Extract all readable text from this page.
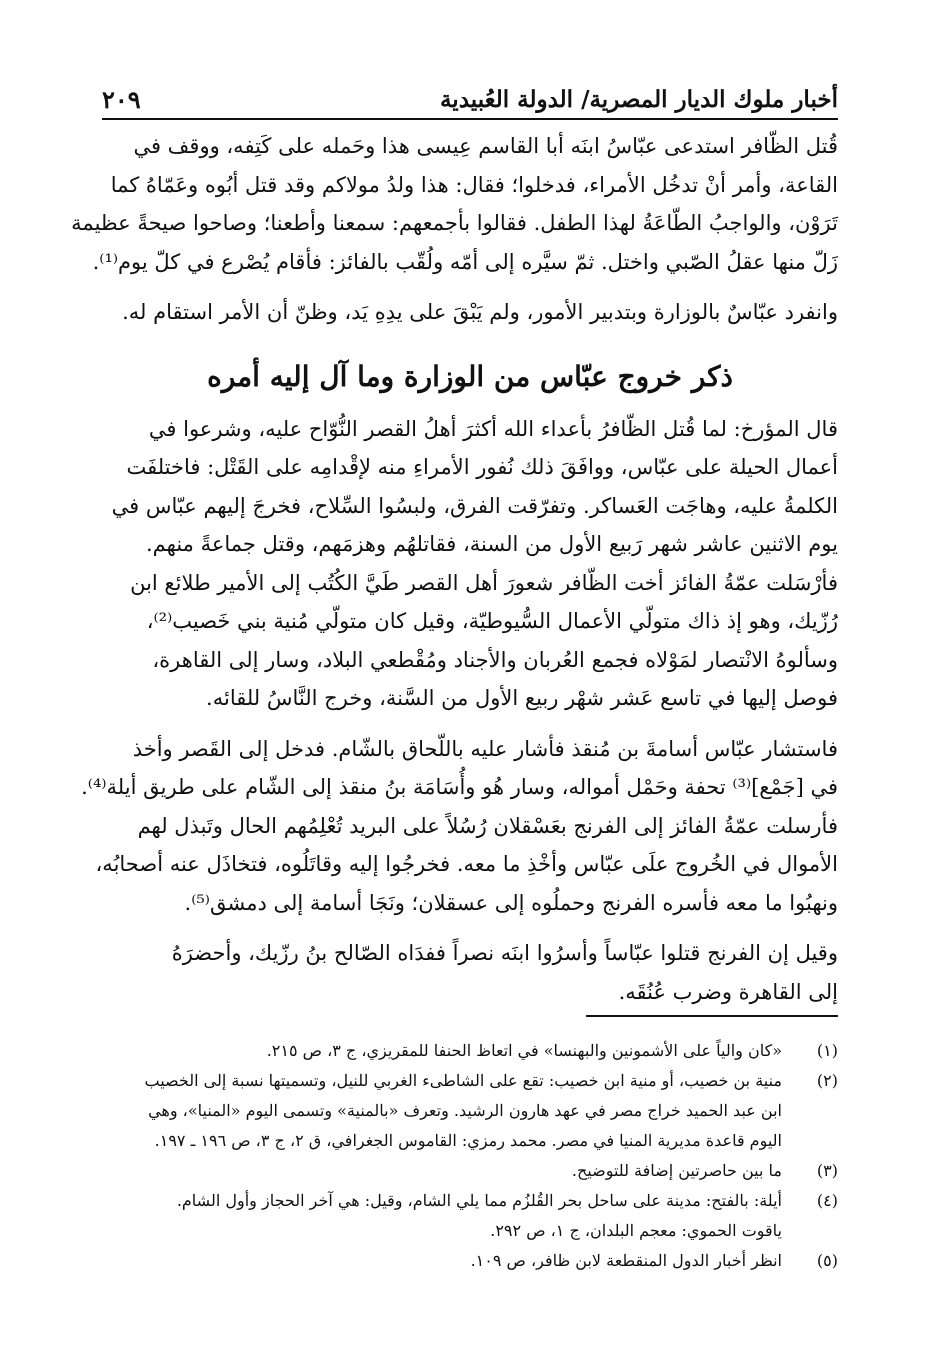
أخبار ملوك الديار المصرية/ الدولة العُبيدية
٢٠٩
قُتل الظّافر استدعى عبّاسُ ابنَه أبا القاسم عِيسى هذا وحَمله على كَتِفه، ووقف في
القاعة، وأمر أنْ تدخُل الأمراء، فدخلوا؛ فقال: هذا ولدُ مولاكم وقد قتل أبُوه وعَمّاهُ كما
تَرَوْن، والواجبُ الطّاعَةُ لهذا الطفل. فقالوا بأجمعهم: سمعنا وأطعنا؛ وصاحوا صيحةً عظيمة
زَلّ منها عقلُ الصّبي واختل. ثمّ سيَّره إلى أمّه ولُقّب بالفائز: فأقام يُصْرع في كلّ يوم⁽¹⁾.
وانفرد عبّاسٌ بالوزارة وبتدبير الأمور، ولم يَبْقَ على يدِهِ يَد، وظنّ أن الأمر استقام له.
ذكر خروج عبّاس من الوزارة وما آل إليه أمره
قال المؤرخ: لما قُتل الظّافرُ بأعداء الله أكثرَ أهلُ القصر النُّوّاح عليه، وشرعوا في
أعمال الحيلة على عبّاس، ووافَقَ ذلك نُفور الأمراءِ منه لإقْدامِه على القَتْل: فاختلفَت
الكلمةُ عليه، وهاجَت العَساكر. وتفرّقت الفرق، ولبسُوا السِّلاح، فخرجَ إليهم عبّاس في
يوم الاثنين عاشر شهر رَبيع الأول من السنة، فقاتلهُم وهزمَهم، وقتل جماعةً منهم.
فأرْسَلت عمّةُ الفائز أخت الظّافر شعورَ أهل القصر طَيَّ الكُتُب إلى الأمير طلائع ابن
رُزّيك، وهو إذ ذاك متولّي الأعمال السُّيوطيّة، وقيل كان متولّي مُنية بني خَصيب⁽²⁾،
وسألوهُ الانْتصار لمَوْلاه فجمع العُربان والأجناد ومُقْطعي البلاد، وسار إلى القاهرة،
فوصل إليها في تاسع عَشر شهْر ربيع الأول من السَّنة، وخرج النَّاسُ للقائه.
فاستشار عبّاس أسامةَ بن مُنقذ فأشار عليه باللّحاق بالشّام. فدخل إلى القَصر وأخذ
في [جَمْع]⁽³⁾ تحفة وحَمْل أمواله، وسار هُو وأُسَامَة بنُ منقذ إلى الشّام على طريق أيلة⁽⁴⁾.
فأرسلت عمّةُ الفائز إلى الفرنج بعَسْقلان رُسُلاً على البريد تُعْلِمُهم الحال وتَبذل لهم
الأموال في الخُروج علَى عبّاس وأخْذِ ما معه. فخرجُوا إليه وقاتَلُوه، فتخاذَل عنه أصحابُه،
ونهبُوا ما معه فأسره الفرنج وحملُوه إلى عسقلان؛ ونَجَا أسامة إلى دمشق⁽⁵⁾.
وقيل إن الفرنج قتلوا عبّاساً وأسرُوا ابنَه نصراً ففدَاه الصّالح بنُ رزّيك، وأحضرَهُ
إلى القاهرة وضرب عُنُقَه.
(١)
«كان والياً على الأشمونين والبهنسا» في اتعاظ الحنفا للمقريزي، ج ٣، ص ٢١٥.
(٢)
منية بن خصيب، أو منية ابن خصيب: تقع على الشاطىء الغربي للنيل، وتسميتها نسبة إلى الخصيب
ابن عبد الحميد خراج مصر في عهد هارون الرشيد. وتعرف «بالمنية» وتسمى اليوم «المنيا»، وهي
اليوم قاعدة مديرية المنيا في مصر. محمد رمزي: القاموس الجغرافي، ق ٢، ج ٣، ص ١٩٦ ـ ١٩٧.
(٣)
ما بين حاصرتين إضافة للتوضيح.
(٤)
أيلة: بالفتح: مدينة على ساحل بحر القُلزُم مما يلي الشام، وقيل: هي آخر الحجاز وأول الشام.
ياقوت الحموي: معجم البلدان، ج ١، ص ٢٩٢.
(٥)
انظر أخبار الدول المنقطعة لابن ظافر، ص ١٠٩.
